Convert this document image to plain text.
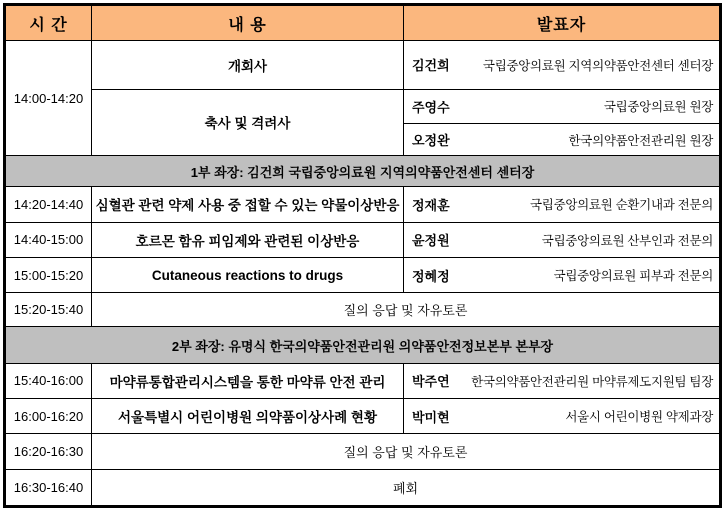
시 간	내 용	발표자
14:00-14:20	개회사	김건희 국립중앙의료원 지역의약품안전센터 센터장

	축사 및 격려사	주영수 국립중앙의료원 원장

		오정완 한국의약품안전관리원 원장

1부 좌장: 김건희 국립중앙의료원 지역의약품안전센터 센터장		
14:20-14:40	심혈관 관련 약제 사용 중 접할 수 있는 약물이상반응	정재훈 국립중앙의료원 순환기내과 전문의

14:40-15:00	호르몬 함유 피임제와 관련된 이상반응	윤정원 국립중앙의료원 산부인과 전문의

15:00-15:20	Cutaneous reactions to drugs	정혜정 국립중앙의료원 피부과 전문의

15:20-15:40	질의 응답 및 자유토론	
2부 좌장: 유명식 한국의약품안전관리원 의약품안전정보본부 본부장		
15:40-16:00	마약류통합관리시스템을 통한 마약류 안전 관리	박주연 한국의약품안전관리원 마약류제도지원팀 팀장

16:00-16:20	서울특별시 어린이병원 의약품이상사례 현황	박미현 서울시 어린이병원 약제과장

16:20-16:30	질의 응답 및 자유토론	
16:30-16:40	폐회	
